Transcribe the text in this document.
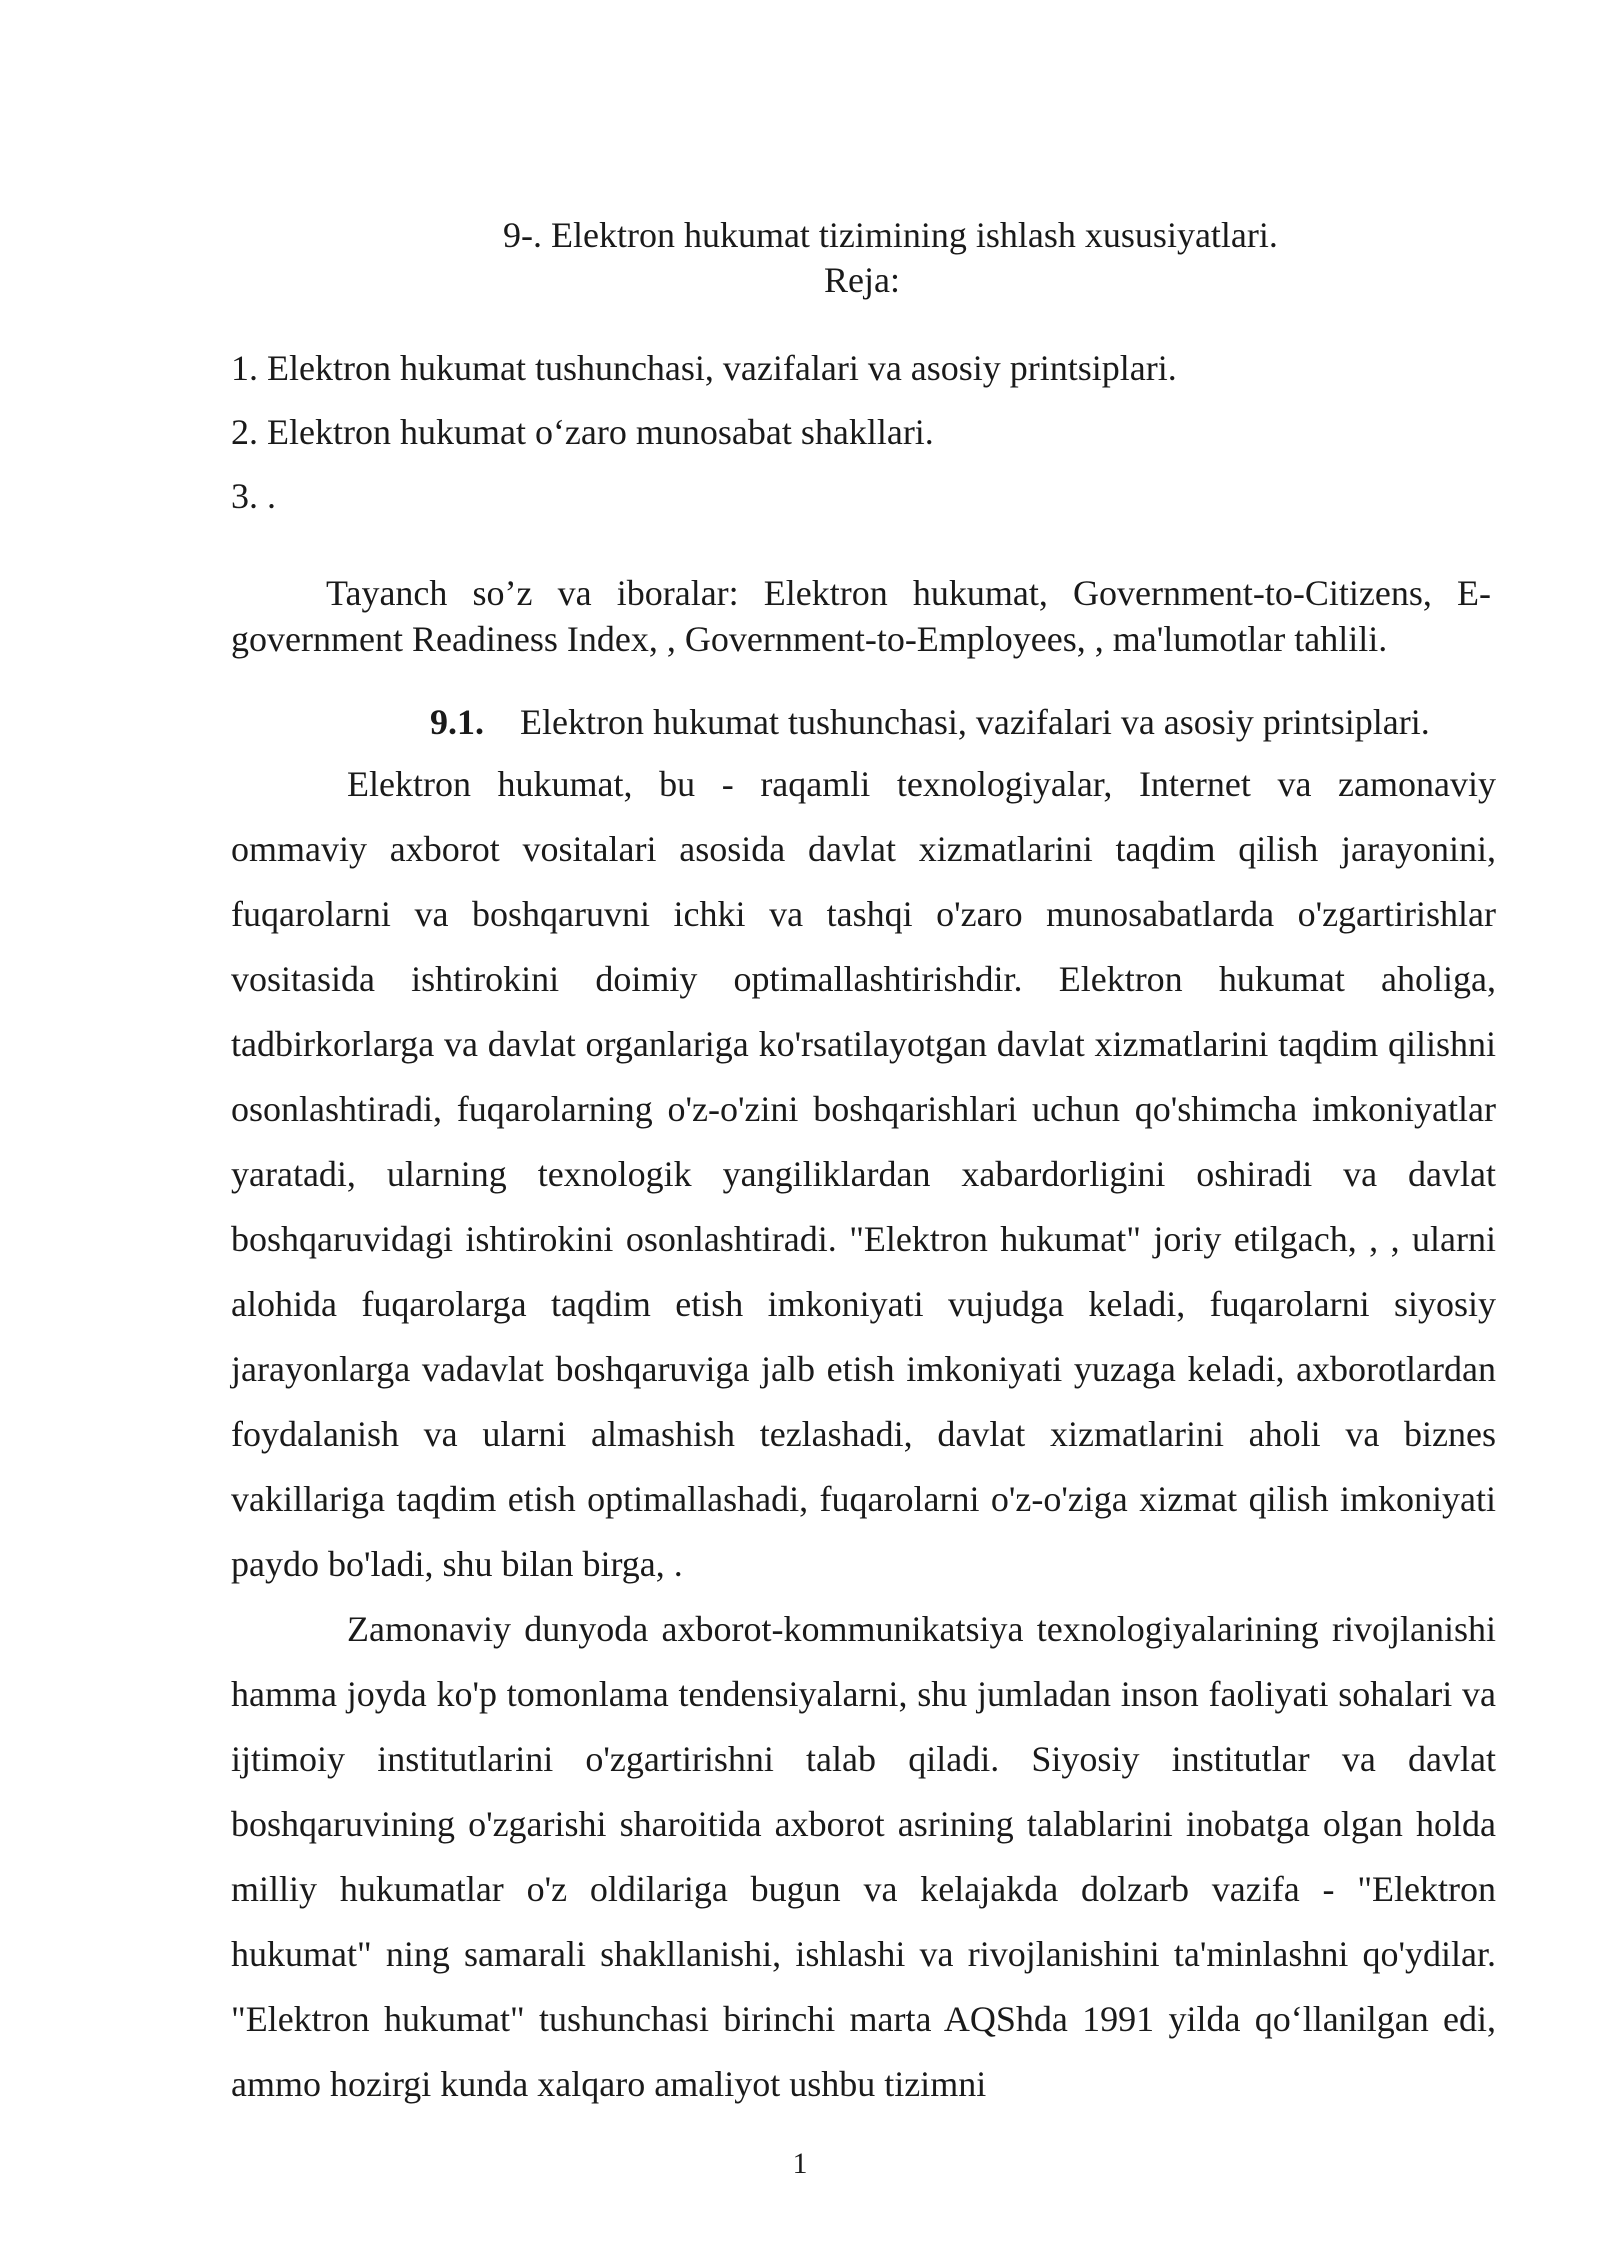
9-. Elektron hukumat tizimining ishlash xususiyatlari.
Reja:
1. Elektron hukumat tushunchasi, vazifalari va asosiy printsiplari.
2. Elektron hukumat o‘zaro munosabat shakllari.
3. .
Tayanch so’z va iboralar: Elektron hukumat, Government-to-Citizens, E-government Readiness Index, , Government-to-Employees, , ma'lumotlar tahlili.
9.1. Elektron hukumat tushunchasi, vazifalari va asosiy printsiplari.
Elektron hukumat, bu - raqamli texnologiyalar, Internet va zamonaviy ommaviy axborot vositalari asosida davlat xizmatlarini taqdim qilish jarayonini, fuqarolarni va boshqaruvni ichki va tashqi o'zaro munosabatlarda o'zgartirishlar vositasida ishtirokini doimiy optimallashtirishdir. Elektron hukumat aholiga, tadbirkorlarga va davlat organlariga ko'rsatilayotgan davlat xizmatlarini taqdim qilishni osonlashtiradi, fuqarolarning o'z-o'zini boshqarishlari uchun qo'shimcha imkoniyatlar yaratadi, ularning texnologik yangiliklardan xabardorligini oshiradi va davlat boshqaruvidagi ishtirokini osonlashtiradi. "Elektron hukumat" joriy etilgach, , , ularni alohida fuqarolarga taqdim etish imkoniyati vujudga keladi, fuqarolarni siyosiy jarayonlarga vadavlat boshqaruviga jalb etish imkoniyati yuzaga keladi, axborotlardan foydalanish va ularni almashish tezlashadi, davlat xizmatlarini aholi va biznes vakillariga taqdim etish optimallashadi, fuqarolarni o'z-o'ziga xizmat qilish imkoniyati paydo bo'ladi, shu bilan birga, .
Zamonaviy dunyoda axborot-kommunikatsiya texnologiyalarining rivojlanishi hamma joyda ko'p tomonlama tendensiyalarni, shu jumladan inson faoliyati sohalari va ijtimoiy institutlarini o'zgartirishni talab qiladi. Siyosiy institutlar va davlat boshqaruvining o'zgarishi sharoitida axborot asrining talablarini inobatga olgan holda milliy hukumatlar o'z oldilariga bugun va kelajakda dolzarb vazifa - "Elektron hukumat" ning samarali shakllanishi, ishlashi va rivojlanishini ta'minlashni qo'ydilar. "Elektron hukumat" tushunchasi birinchi marta AQShda 1991 yilda qo‘llanilgan edi, ammo hozirgi kunda xalqaro amaliyot ushbu tizimni
1
